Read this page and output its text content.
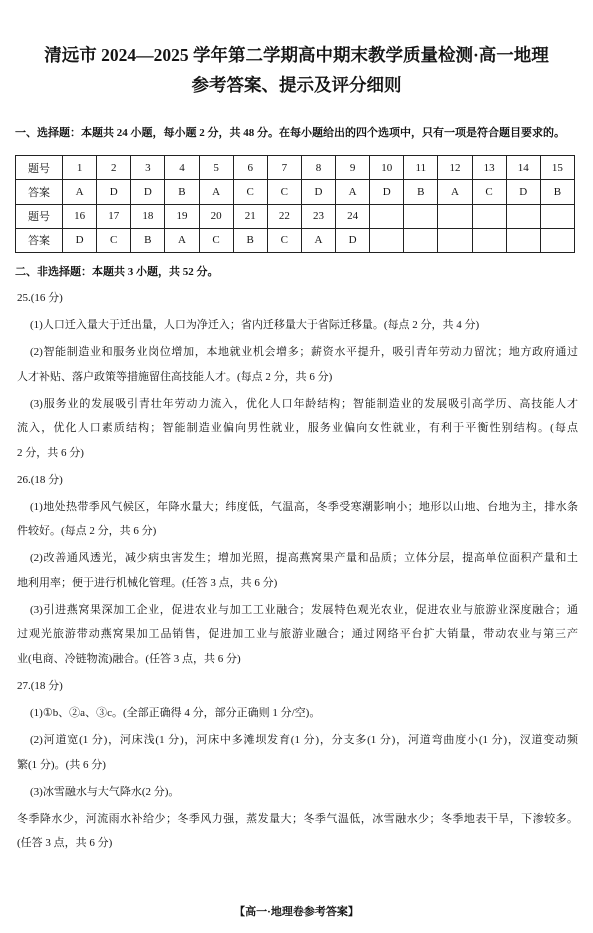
清远市 2024—2025 学年第二学期高中期末教学质量检测·高一地理
参考答案、提示及评分细则
一、选择题：本题共 24 小题，每小题 2 分，共 48 分。在每小题给出的四个选项中，只有一项是符合题目要求的。
题号	1	2	3	4	5	6	7	8	9	10	11	12	13	14	15
答案	A	D	D	B	A	C	C	D	A	D	B	A	C	D	B
题号	16	17	18	19	20	21	22	23	24						
答案	D	C	B	A	C	B	C	A	D						
二、非选择题：本题共 3 小题，共 52 分。
25.(16 分)
(1)人口迁入量大于迁出量，人口为净迁入；省内迁移量大于省际迁移量。(每点 2 分，共 4 分)
(2)智能制造业和服务业岗位增加，本地就业机会增多；薪资水平提升，吸引青年劳动力留沈；地方政府通过
人才补贴、落户政策等措施留住高技能人才。(每点 2 分，共 6 分)
(3)服务业的发展吸引青壮年劳动力流入，优化人口年龄结构；智能制造业的发展吸引高学历、高技能人才
流入，优化人口素质结构；智能制造业偏向男性就业，服务业偏向女性就业，有利于平衡性别结构。(每点
2 分，共 6 分)
26.(18 分)
(1)地处热带季风气候区，年降水量大；纬度低，气温高，冬季受寒潮影响小；地形以山地、台地为主，排水条
件较好。(每点 2 分，共 6 分)
(2)改善通风透光，减少病虫害发生；增加光照，提高燕窝果产量和品质；立体分层，提高单位面积产量和土
地利用率；便于进行机械化管理。(任答 3 点，共 6 分)
(3)引进燕窝果深加工企业，促进农业与加工工业融合；发展特色观光农业，促进农业与旅游业深度融合；通
过观光旅游带动燕窝果加工品销售，促进加工业与旅游业融合；通过网络平台扩大销量，带动农业与第三产
业(电商、冷链物流)融合。(任答 3 点，共 6 分)
27.(18 分)
(1)①b、②a、③c。(全部正确得 4 分，部分正确则 1 分/空)。
(2)河道宽(1 分)，河床浅(1 分)，河床中多滩坝发育(1 分)，分支多(1 分)，河道弯曲度小(1 分)，汊道变动频
繁(1 分)。(共 6 分)
(3)冰雪融水与大气降水(2 分)。
冬季降水少，河流雨水补给少；冬季风力强，蒸发量大；冬季气温低，冰雪融水少；冬季地表干旱，下渗较多。
(任答 3 点，共 6 分)
【高一·地理卷参考答案】
